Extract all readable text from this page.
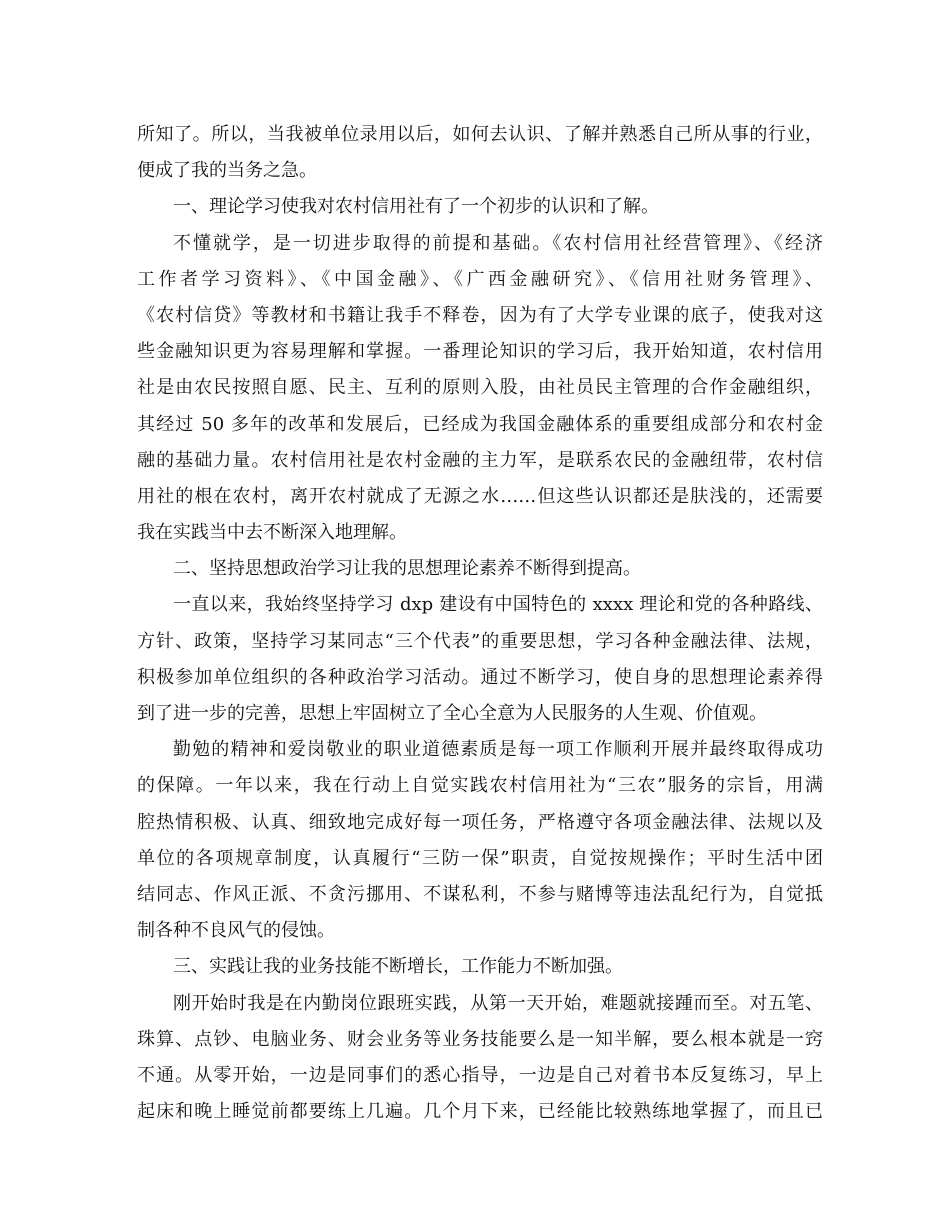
所知了。所以，当我被单位录用以后，如何去认识、了解并熟悉自己所从事的行业，
便成了我的当务之急。
一、理论学习使我对农村信用社有了一个初步的认识和了解。
不懂就学，是一切进步取得的前提和基础。《农村信用社经营管理》、《经济
工作者学习资料》、《中国金融》、《广西金融研究》、《信用社财务管理》、
《农村信贷》等教材和书籍让我手不释卷，因为有了大学专业课的底子，使我对这
些金融知识更为容易理解和掌握。一番理论知识的学习后，我开始知道，农村信用
社是由农民按照自愿、民主、互利的原则入股，由社员民主管理的合作金融组织，
其经过 50 多年的改革和发展后，已经成为我国金融体系的重要组成部分和农村金
融的基础力量。农村信用社是农村金融的主力军，是联系农民的金融纽带，农村信
用社的根在农村，离开农村就成了无源之水……但这些认识都还是肤浅的，还需要
我在实践当中去不断深入地理解。
二、坚持思想政治学习让我的思想理论素养不断得到提高。
一直以来，我始终坚持学习 dxp 建设有中国特色的 xxxx 理论和党的各种路线、
方针、政策，坚持学习某同志“三个代表”的重要思想，学习各种金融法律、法规，
积极参加单位组织的各种政治学习活动。通过不断学习，使自身的思想理论素养得
到了进一步的完善，思想上牢固树立了全心全意为人民服务的人生观、价值观。
勤勉的精神和爱岗敬业的职业道德素质是每一项工作顺利开展并最终取得成功
的保障。一年以来，我在行动上自觉实践农村信用社为“三农”服务的宗旨，用满
腔热情积极、认真、细致地完成好每一项任务，严格遵守各项金融法律、法规以及
单位的各项规章制度，认真履行“三防一保”职责，自觉按规操作；平时生活中团
结同志、作风正派、不贪污挪用、不谋私利，不参与赌博等违法乱纪行为，自觉抵
制各种不良风气的侵蚀。
三、实践让我的业务技能不断增长，工作能力不断加强。
刚开始时我是在内勤岗位跟班实践，从第一天开始，难题就接踵而至。对五笔、
珠算、点钞、电脑业务、财会业务等业务技能要么是一知半解，要么根本就是一窍
不通。从零开始，一边是同事们的悉心指导，一边是自己对着书本反复练习，早上
起床和晚上睡觉前都要练上几遍。几个月下来，已经能比较熟练地掌握了，而且已
